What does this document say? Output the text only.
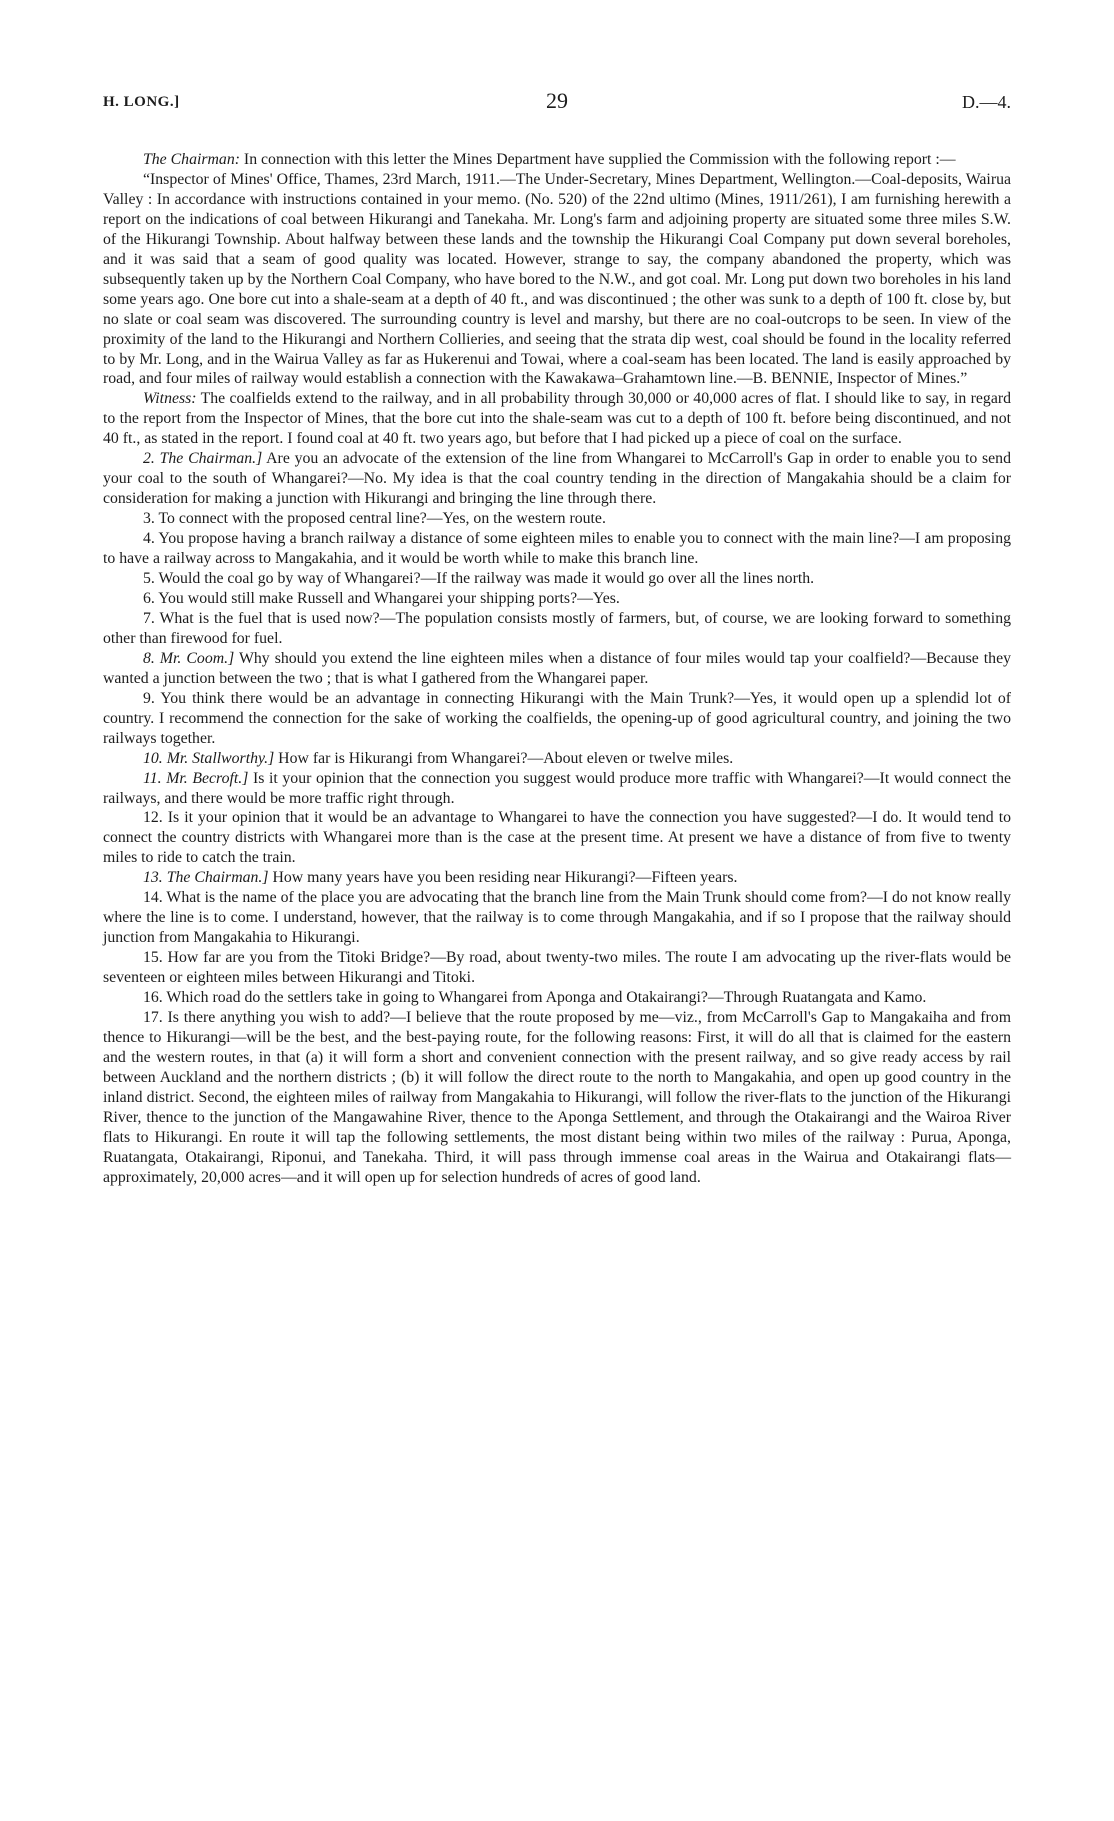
H. LONG.]	29	D.—4.

The Chairman: In connection with this letter the Mines Department have supplied the Commission with the following report :—

“Inspector of Mines' Office, Thames, 23rd March, 1911.—The Under-Secretary, Mines Department, Wellington.—Coal-deposits, Wairua Valley : In accordance with instructions contained in your memo. (No. 520) of the 22nd ultimo (Mines, 1911/261), I am furnishing herewith a report on the indications of coal between Hikurangi and Tanekaha. Mr. Long's farm and adjoining property are situated some three miles S.W. of the Hikurangi Township. About halfway between these lands and the township the Hikurangi Coal Company put down several boreholes, and it was said that a seam of good quality was located. However, strange to say, the company abandoned the property, which was subsequently taken up by the Northern Coal Company, who have bored to the N.W., and got coal. Mr. Long put down two boreholes in his land some years ago. One bore cut into a shale-seam at a depth of 40 ft., and was discontinued ; the other was sunk to a depth of 100 ft. close by, but no slate or coal seam was discovered. The surrounding country is level and marshy, but there are no coal-outcrops to be seen. In view of the proximity of the land to the Hikurangi and Northern Collieries, and seeing that the strata dip west, coal should be found in the locality referred to by Mr. Long, and in the Wairua Valley as far as Hukerenui and Towai, where a coal-seam has been located. The land is easily approached by road, and four miles of railway would establish a connection with the Kawakawa–Grahamtown line.—B. BENNIE, Inspector of Mines.”

Witness: The coalfields extend to the railway, and in all probability through 30,000 or 40,000 acres of flat. I should like to say, in regard to the report from the Inspector of Mines, that the bore cut into the shale-seam was cut to a depth of 100 ft. before being discontinued, and not 40 ft., as stated in the report. I found coal at 40 ft. two years ago, but before that I had picked up a piece of coal on the surface.

2. The Chairman.] Are you an advocate of the extension of the line from Whangarei to McCarroll's Gap in order to enable you to send your coal to the south of Whangarei?—No. My idea is that the coal country tending in the direction of Mangakahia should be a claim for consideration for making a junction with Hikurangi and bringing the line through there.

3. To connect with the proposed central line?—Yes, on the western route.

4. You propose having a branch railway a distance of some eighteen miles to enable you to connect with the main line?—I am proposing to have a railway across to Mangakahia, and it would be worth while to make this branch line.

5. Would the coal go by way of Whangarei?—If the railway was made it would go over all the lines north.

6. You would still make Russell and Whangarei your shipping ports?—Yes.

7. What is the fuel that is used now?—The population consists mostly of farmers, but, of course, we are looking forward to something other than firewood for fuel.

8. Mr. Coom.] Why should you extend the line eighteen miles when a distance of four miles would tap your coalfield?—Because they wanted a junction between the two ; that is what I gathered from the Whangarei paper.

9. You think there would be an advantage in connecting Hikurangi with the Main Trunk?—Yes, it would open up a splendid lot of country. I recommend the connection for the sake of working the coalfields, the opening-up of good agricultural country, and joining the two railways together.

10. Mr. Stallworthy.] How far is Hikurangi from Whangarei?—About eleven or twelve miles.

11. Mr. Becroft.] Is it your opinion that the connection you suggest would produce more traffic with Whangarei?—It would connect the railways, and there would be more traffic right through.

12. Is it your opinion that it would be an advantage to Whangarei to have the connection you have suggested?—I do. It would tend to connect the country districts with Whangarei more than is the case at the present time. At present we have a distance of from five to twenty miles to ride to catch the train.

13. The Chairman.] How many years have you been residing near Hikurangi?—Fifteen years.

14. What is the name of the place you are advocating that the branch line from the Main Trunk should come from?—I do not know really where the line is to come. I understand, however, that the railway is to come through Mangakahia, and if so I propose that the railway should junction from Mangakahia to Hikurangi.

15. How far are you from the Titoki Bridge?—By road, about twenty-two miles. The route I am advocating up the river-flats would be seventeen or eighteen miles between Hikurangi and Titoki.

16. Which road do the settlers take in going to Whangarei from Aponga and Otakairangi?—Through Ruatangata and Kamo.

17. Is there anything you wish to add?—I believe that the route proposed by me—viz., from McCarroll's Gap to Mangakaiha and from thence to Hikurangi—will be the best, and the best-paying route, for the following reasons: First, it will do all that is claimed for the eastern and the western routes, in that (a) it will form a short and convenient connection with the present railway, and so give ready access by rail between Auckland and the northern districts ; (b) it will follow the direct route to the north to Mangakahia, and open up good country in the inland district. Second, the eighteen miles of railway from Mangakahia to Hikurangi, will follow the river-flats to the junction of the Hikurangi River, thence to the junction of the Mangawahine River, thence to the Aponga Settlement, and through the Otakairangi and the Wairoa River flats to Hikurangi. En route it will tap the following settlements, the most distant being within two miles of the railway : Purua, Aponga, Ruatangata, Otakairangi, Riponui, and Tanekaha. Third, it will pass through immense coal areas in the Wairua and Otakairangi flats—approximately, 20,000 acres—and it will open up for selection hundreds of acres of good land.
